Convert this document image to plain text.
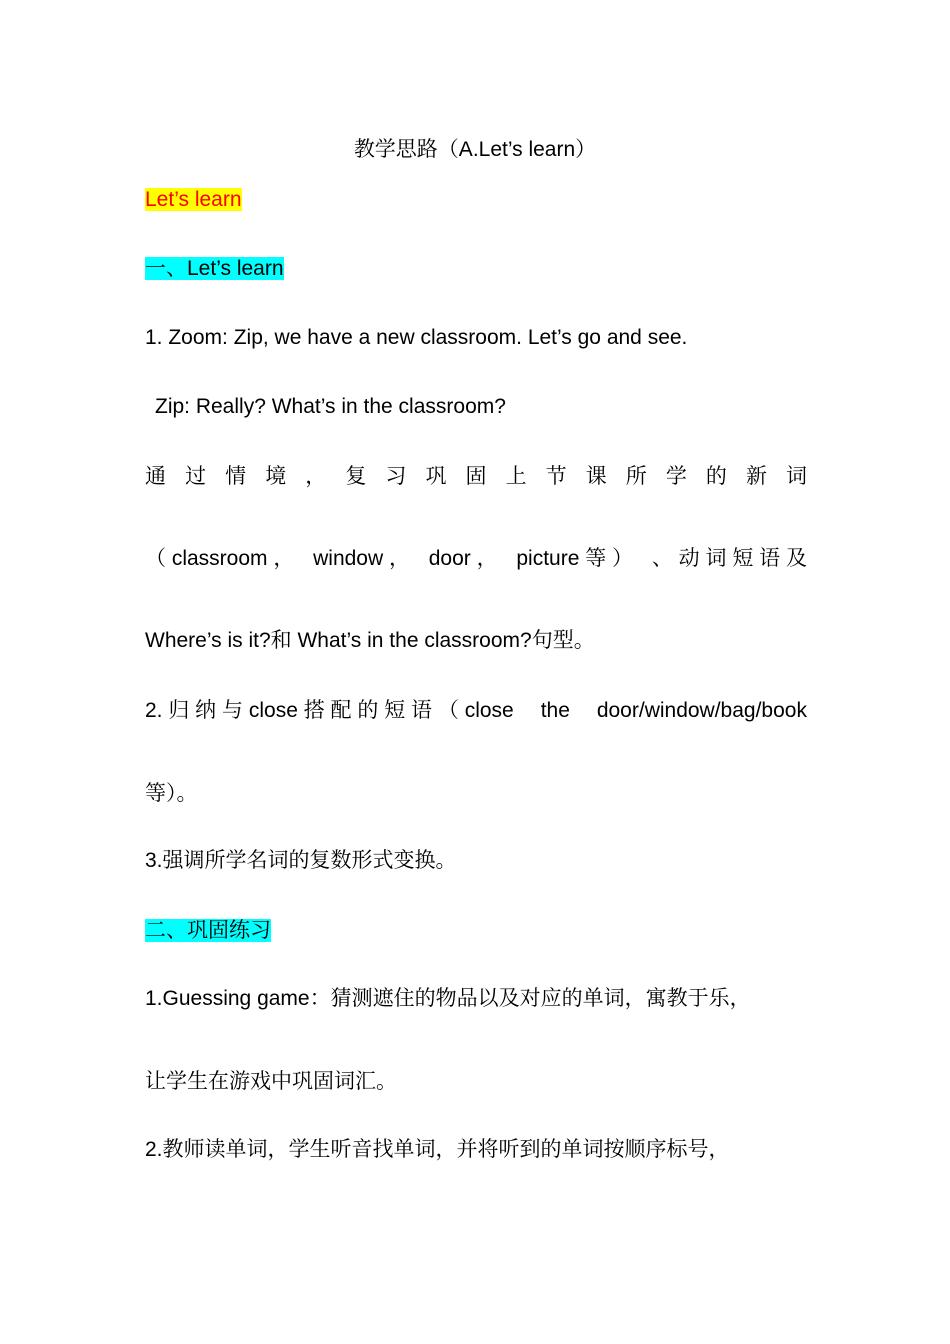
教学思路（A.Let’s learn）
Let’s learn
一、Let’s learn
1. Zoom: Zip, we have a new classroom. Let’s go and see.
Zip: Really? What’s in the classroom?
通 过 情 境 ， 复 习 巩 固 上 节 课 所 学 的 新 词
（ classroom ， window ， door ， picture 等 ） 、 动 词 短 语 及
Where’s is it?和 What’s in the classroom?句型。
2. 归 纳 与 close 搭 配 的 短 语 （ close the door/window/bag/book
等）。
3.强调所学名词的复数形式变换。
二、巩固练习
1.Guessing game：猜测遮住的物品以及对应的单词，寓教于乐，
让学生在游戏中巩固词汇。
2.教师读单词，学生听音找单词，并将听到的单词按顺序标号，
